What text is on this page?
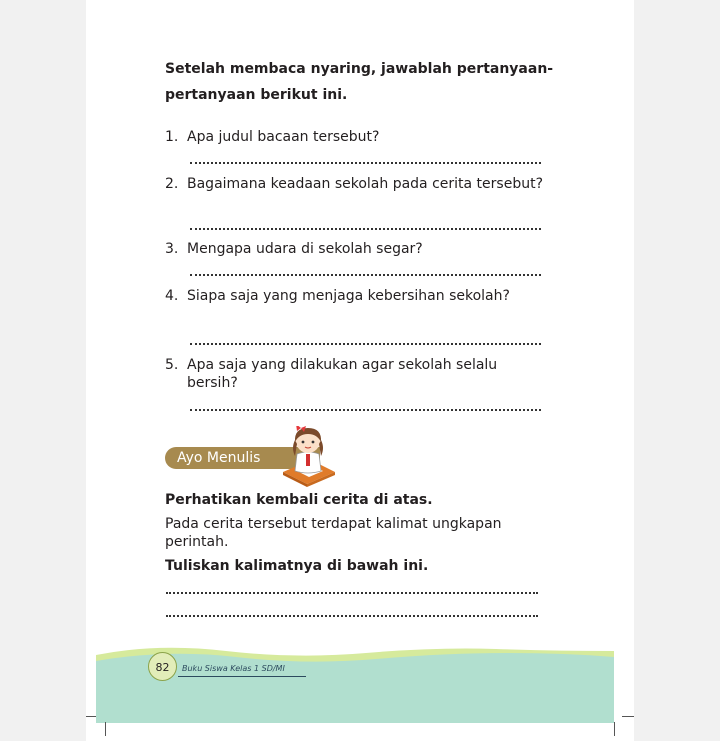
Setelah membaca nyaring, jawablah pertanyaan-pertanyaan berikut ini.

1. Apa judul bacaan tersebut?
2. Bagaimana keadaan sekolah pada cerita tersebut?
3. Mengapa udara di sekolah segar?
4. Siapa saja yang menjaga kebersihan sekolah?
5. Apa saja yang dilakukan agar sekolah selalu bersih?
Ayo Menulis
Perhatikan kembali cerita di atas.
Pada cerita tersebut terdapat kalimat ungkapan perintah.
Tuliskan kalimatnya di bawah ini.
82	Buku Siswa Kelas 1 SD/MI
